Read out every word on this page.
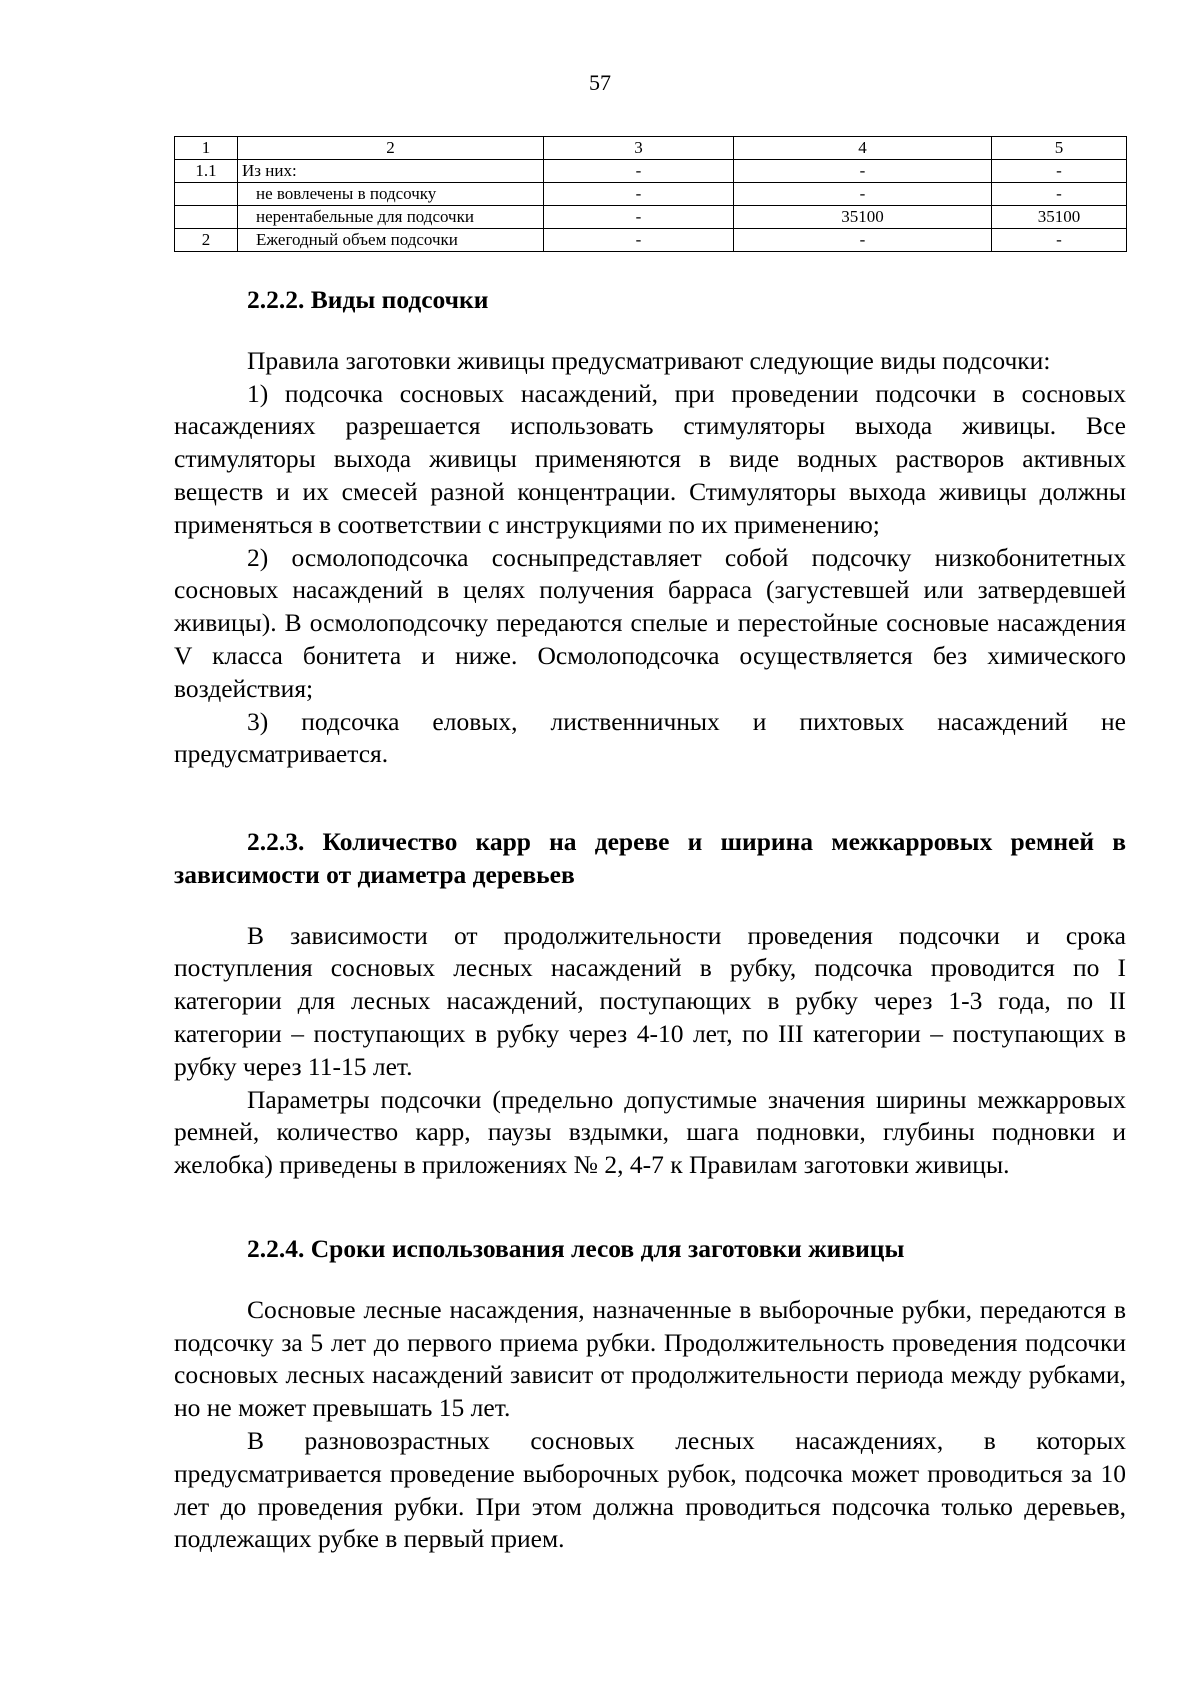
57
1	2	3	4	5
1.1	Из них:	-	-	-
	не вовлечены в подсочку	-	-	-
	нерентабельные для подсочки	-	35100	35100
2	Ежегодный объем подсочки	-	-	-

2.2.2. Виды подсочки

Правила заготовки живицы предусматривают следующие виды подсочки:

1) подсочка сосновых насаждений, при проведении подсочки в сосновых насаждениях разрешается использовать стимуляторы выхода живицы. Все стимуляторы выхода живицы применяются в виде водных растворов активных веществ и их смесей разной концентрации. Стимуляторы выхода живицы должны применяться в соответствии с инструкциями по их применению;

2) осмолоподсочка сосныпредставляет собой подсочку низкобонитетных сосновых насаждений в целях получения барраса (загустевшей или затвердевшей живицы). В осмолоподсочку передаются спелые и перестойные сосновые насаждения V класса бонитета и ниже. Осмолоподсочка осуществляется без химического воздействия;

3) подсочка еловых, лиственничных и пихтовых насаждений не предусматривается.

2.2.3. Количество карр на дереве и ширина межкарровых ремней в зависимости от диаметра деревьев

В зависимости от продолжительности проведения подсочки и срока поступления сосновых лесных насаждений в рубку, подсочка проводится по I категории для лесных насаждений, поступающих в рубку через 1-3 года, по II категории – поступающих в рубку через 4-10 лет, по III категории – поступающих в рубку через 11-15 лет.

Параметры подсочки (предельно допустимые значения ширины межкарровых ремней, количество карр, паузы вздымки, шага подновки, глубины подновки и желобка) приведены в приложениях № 2, 4-7 к Правилам заготовки живицы.

2.2.4. Сроки использования лесов для заготовки живицы

Сосновые лесные насаждения, назначенные в выборочные рубки, передаются в подсочку за 5 лет до первого приема рубки. Продолжительность проведения подсочки сосновых лесных насаждений зависит от продолжительности периода между рубками, но не может превышать 15 лет.

В разновозрастных сосновых лесных насаждениях, в которых предусматривается проведение выборочных рубок, подсочка может проводиться за 10 лет до проведения рубки. При этом должна проводиться подсочка только деревьев, подлежащих рубке в первый прием.
